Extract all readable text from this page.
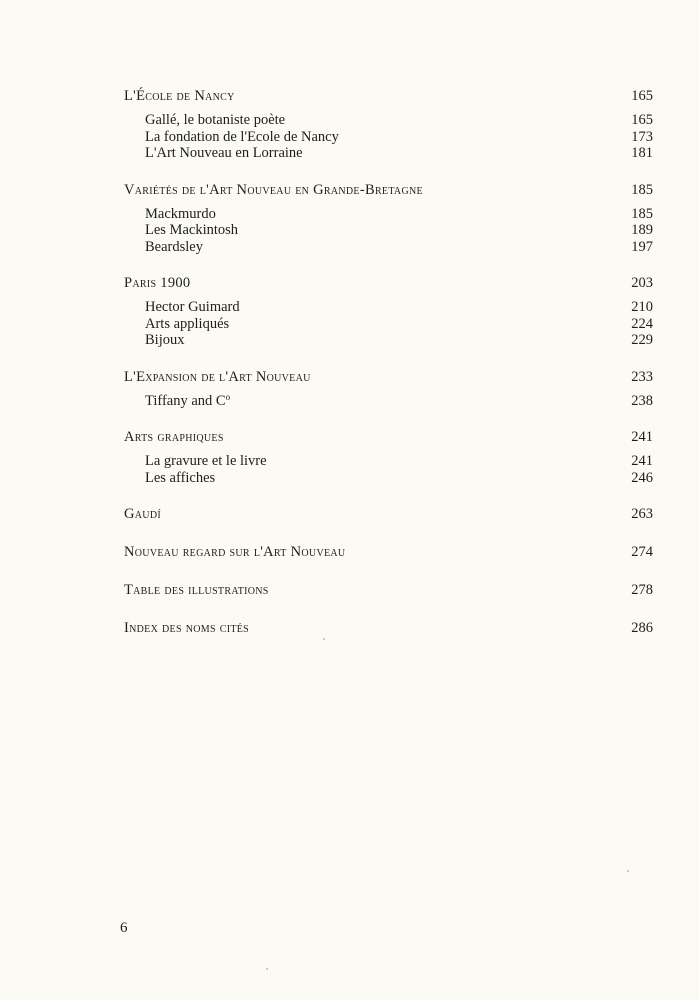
L'École de Nancy	165
Gallé, le botaniste poète	165
La fondation de l'Ecole de Nancy	173
L'Art Nouveau en Lorraine	181
Variétés de l'Art Nouveau en Grande-Bretagne	185
Mackmurdo	185
Les Mackintosh	189
Beardsley	197
Paris 1900	203
Hector Guimard	210
Arts appliqués	224
Bijoux	229
L'Expansion de l'Art Nouveau	233
Tiffany and $C^o$	238
Arts graphiques	241
La gravure et le livre	241
Les affiches	246
Gaudí	263
Nouveau regard sur l'Art Nouveau	274
Table des illustrations	278
Index des noms cités	286
6
